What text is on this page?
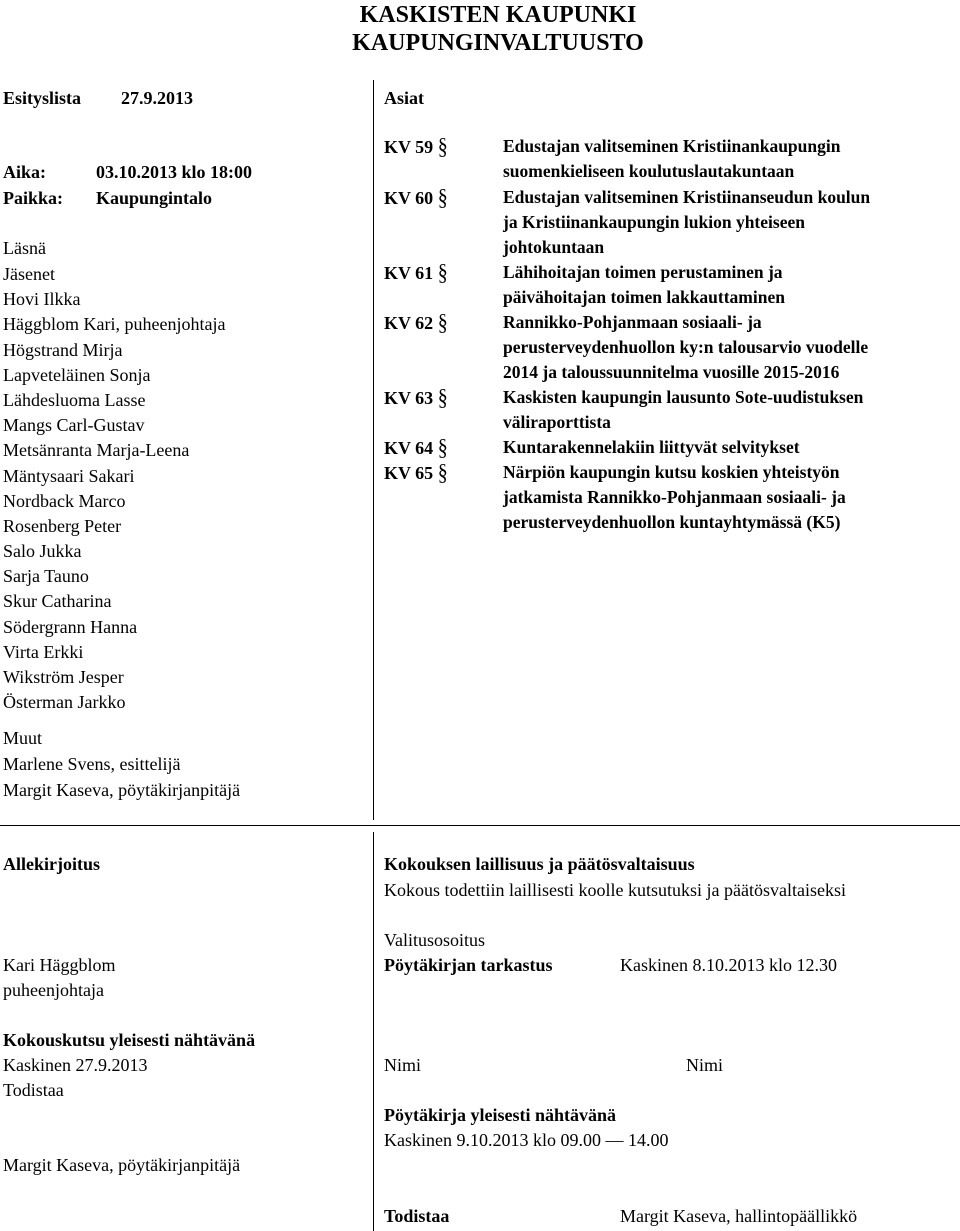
KASKISTEN KAUPUNKI
KAUPUNGINVALTUUSTO
Esityslista 27.9.2013
Aika:	03.10.2013 klo 18:00
Paikka: Kaupungintalo
Läsnä
Jäsenet
Hovi Ilkka
Häggblom Kari, puheenjohtaja
Högstrand Mirja
Lapveteläinen Sonja
Lähdesluoma Lasse
Mangs Carl-Gustav
Metsänranta Marja-Leena
Mäntysaari Sakari
Nordback Marco
Rosenberg Peter
Salo Jukka
Sarja Tauno
Skur Catharina
Södergrann Hanna
Virta Erkki
Wikström Jesper
Österman Jarkko
Muut
Marlene Svens, esittelijä
Margit Kaseva, pöytäkirjanpitäjä
Asiat
KV 59 §	Edustajan valitseminen Kristiinankaupungin
suomenkieliseen koulutuslautakuntaan
KV 60 §	Edustajan valitseminen Kristiinanseudun koulun
ja Kristiinankaupungin lukion yhteiseen
johtokuntaan
KV 61 §	Lähihoitajan toimen perustaminen ja
päivähoitajan toimen lakkauttaminen
KV 62 §	Rannikko-Pohjanmaan sosiaali- ja
perusterveydenhuollon ky:n talousarvio vuodelle
2014 ja taloussuunnitelma vuosille 2015-2016
KV 63 §	Kaskisten kaupungin lausunto Sote-uudistuksen
väliraporttista
KV 64 §	Kuntarakennelakiin liittyvät selvitykset
KV 65 §	Närpiön kaupungin kutsu koskien yhteistyön
jatkamista Rannikko-Pohjanmaan sosiaali- ja
perusterveydenhuollon kuntayhtymässä (K5)
Allekirjoitus
Kari Häggblom
puheenjohtaja
Kokouskutsu yleisesti nähtävänä
Kaskinen 27.9.2013
Todistaa
Margit Kaseva, pöytäkirjanpitäjä
Kokouksen laillisuus ja päätösvaltaisuus
Kokous todettiin laillisesti koolle kutsutuksi ja päätösvaltaiseksi
Valitusosoitus
Pöytäkirjan tarkastus	Kaskinen 8.10.2013 klo 12.30
Nimi	Nimi
Pöytäkirja yleisesti nähtävänä
Kaskinen 9.10.2013 klo 09.00 — 14.00
Todistaa	Margit Kaseva, hallintopäällikkö
